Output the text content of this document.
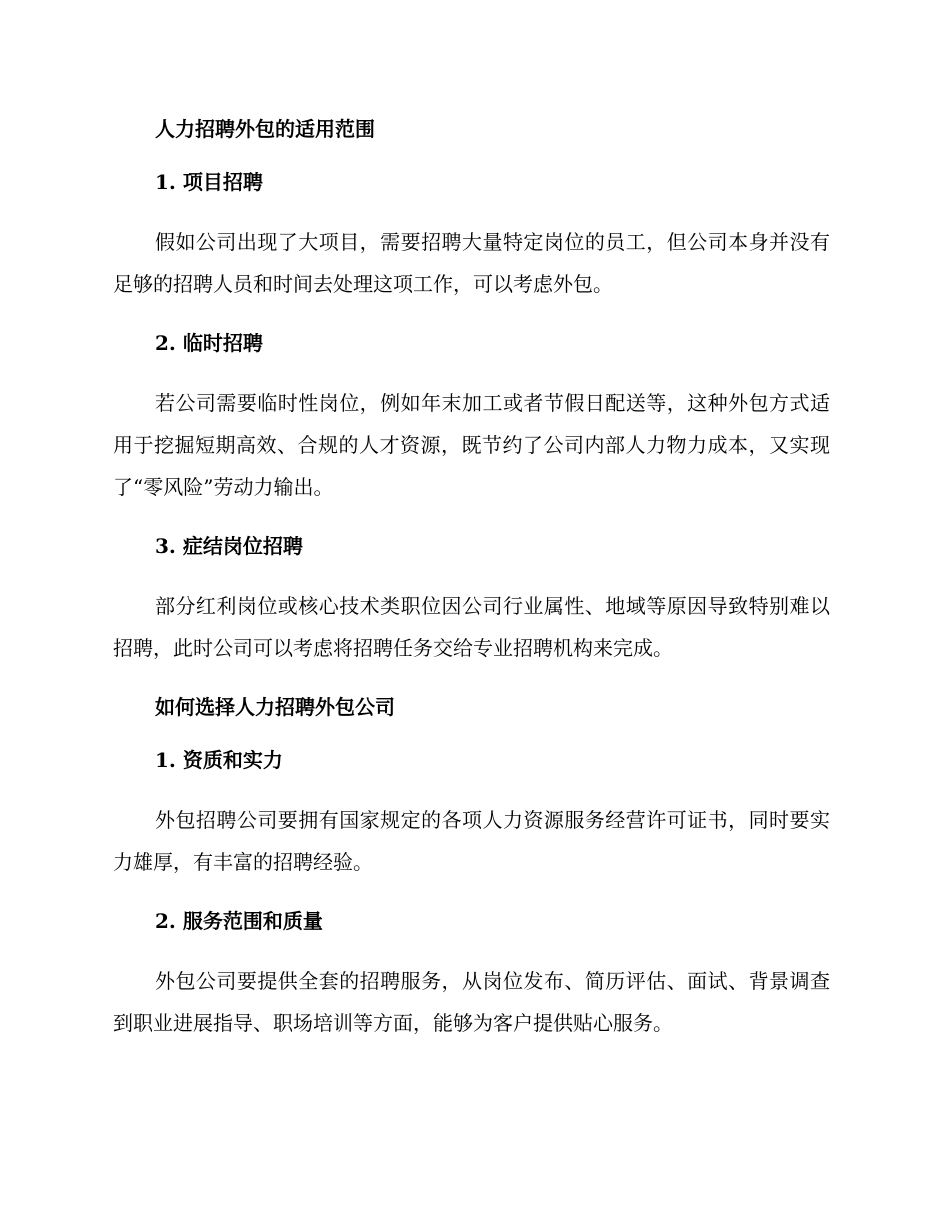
人力招聘外包的适用范围

1. 项目招聘

假如公司出现了大项目，需要招聘大量特定岗位的员工，但公司本身并没有足够的招聘人员和时间去处理这项工作，可以考虑外包。

2. 临时招聘

若公司需要临时性岗位，例如年末加工或者节假日配送等，这种外包方式适用于挖掘短期高效、合规的人才资源，既节约了公司内部人力物力成本，又实现了“零风险”劳动力输出。

3. 症结岗位招聘

部分红利岗位或核心技术类职位因公司行业属性、地域等原因导致特别难以招聘，此时公司可以考虑将招聘任务交给专业招聘机构来完成。

如何选择人力招聘外包公司

1. 资质和实力

外包招聘公司要拥有国家规定的各项人力资源服务经营许可证书，同时要实力雄厚，有丰富的招聘经验。

2. 服务范围和质量

外包公司要提供全套的招聘服务，从岗位发布、简历评估、面试、背景调查到职业进展指导、职场培训等方面，能够为客户提供贴心服务。
